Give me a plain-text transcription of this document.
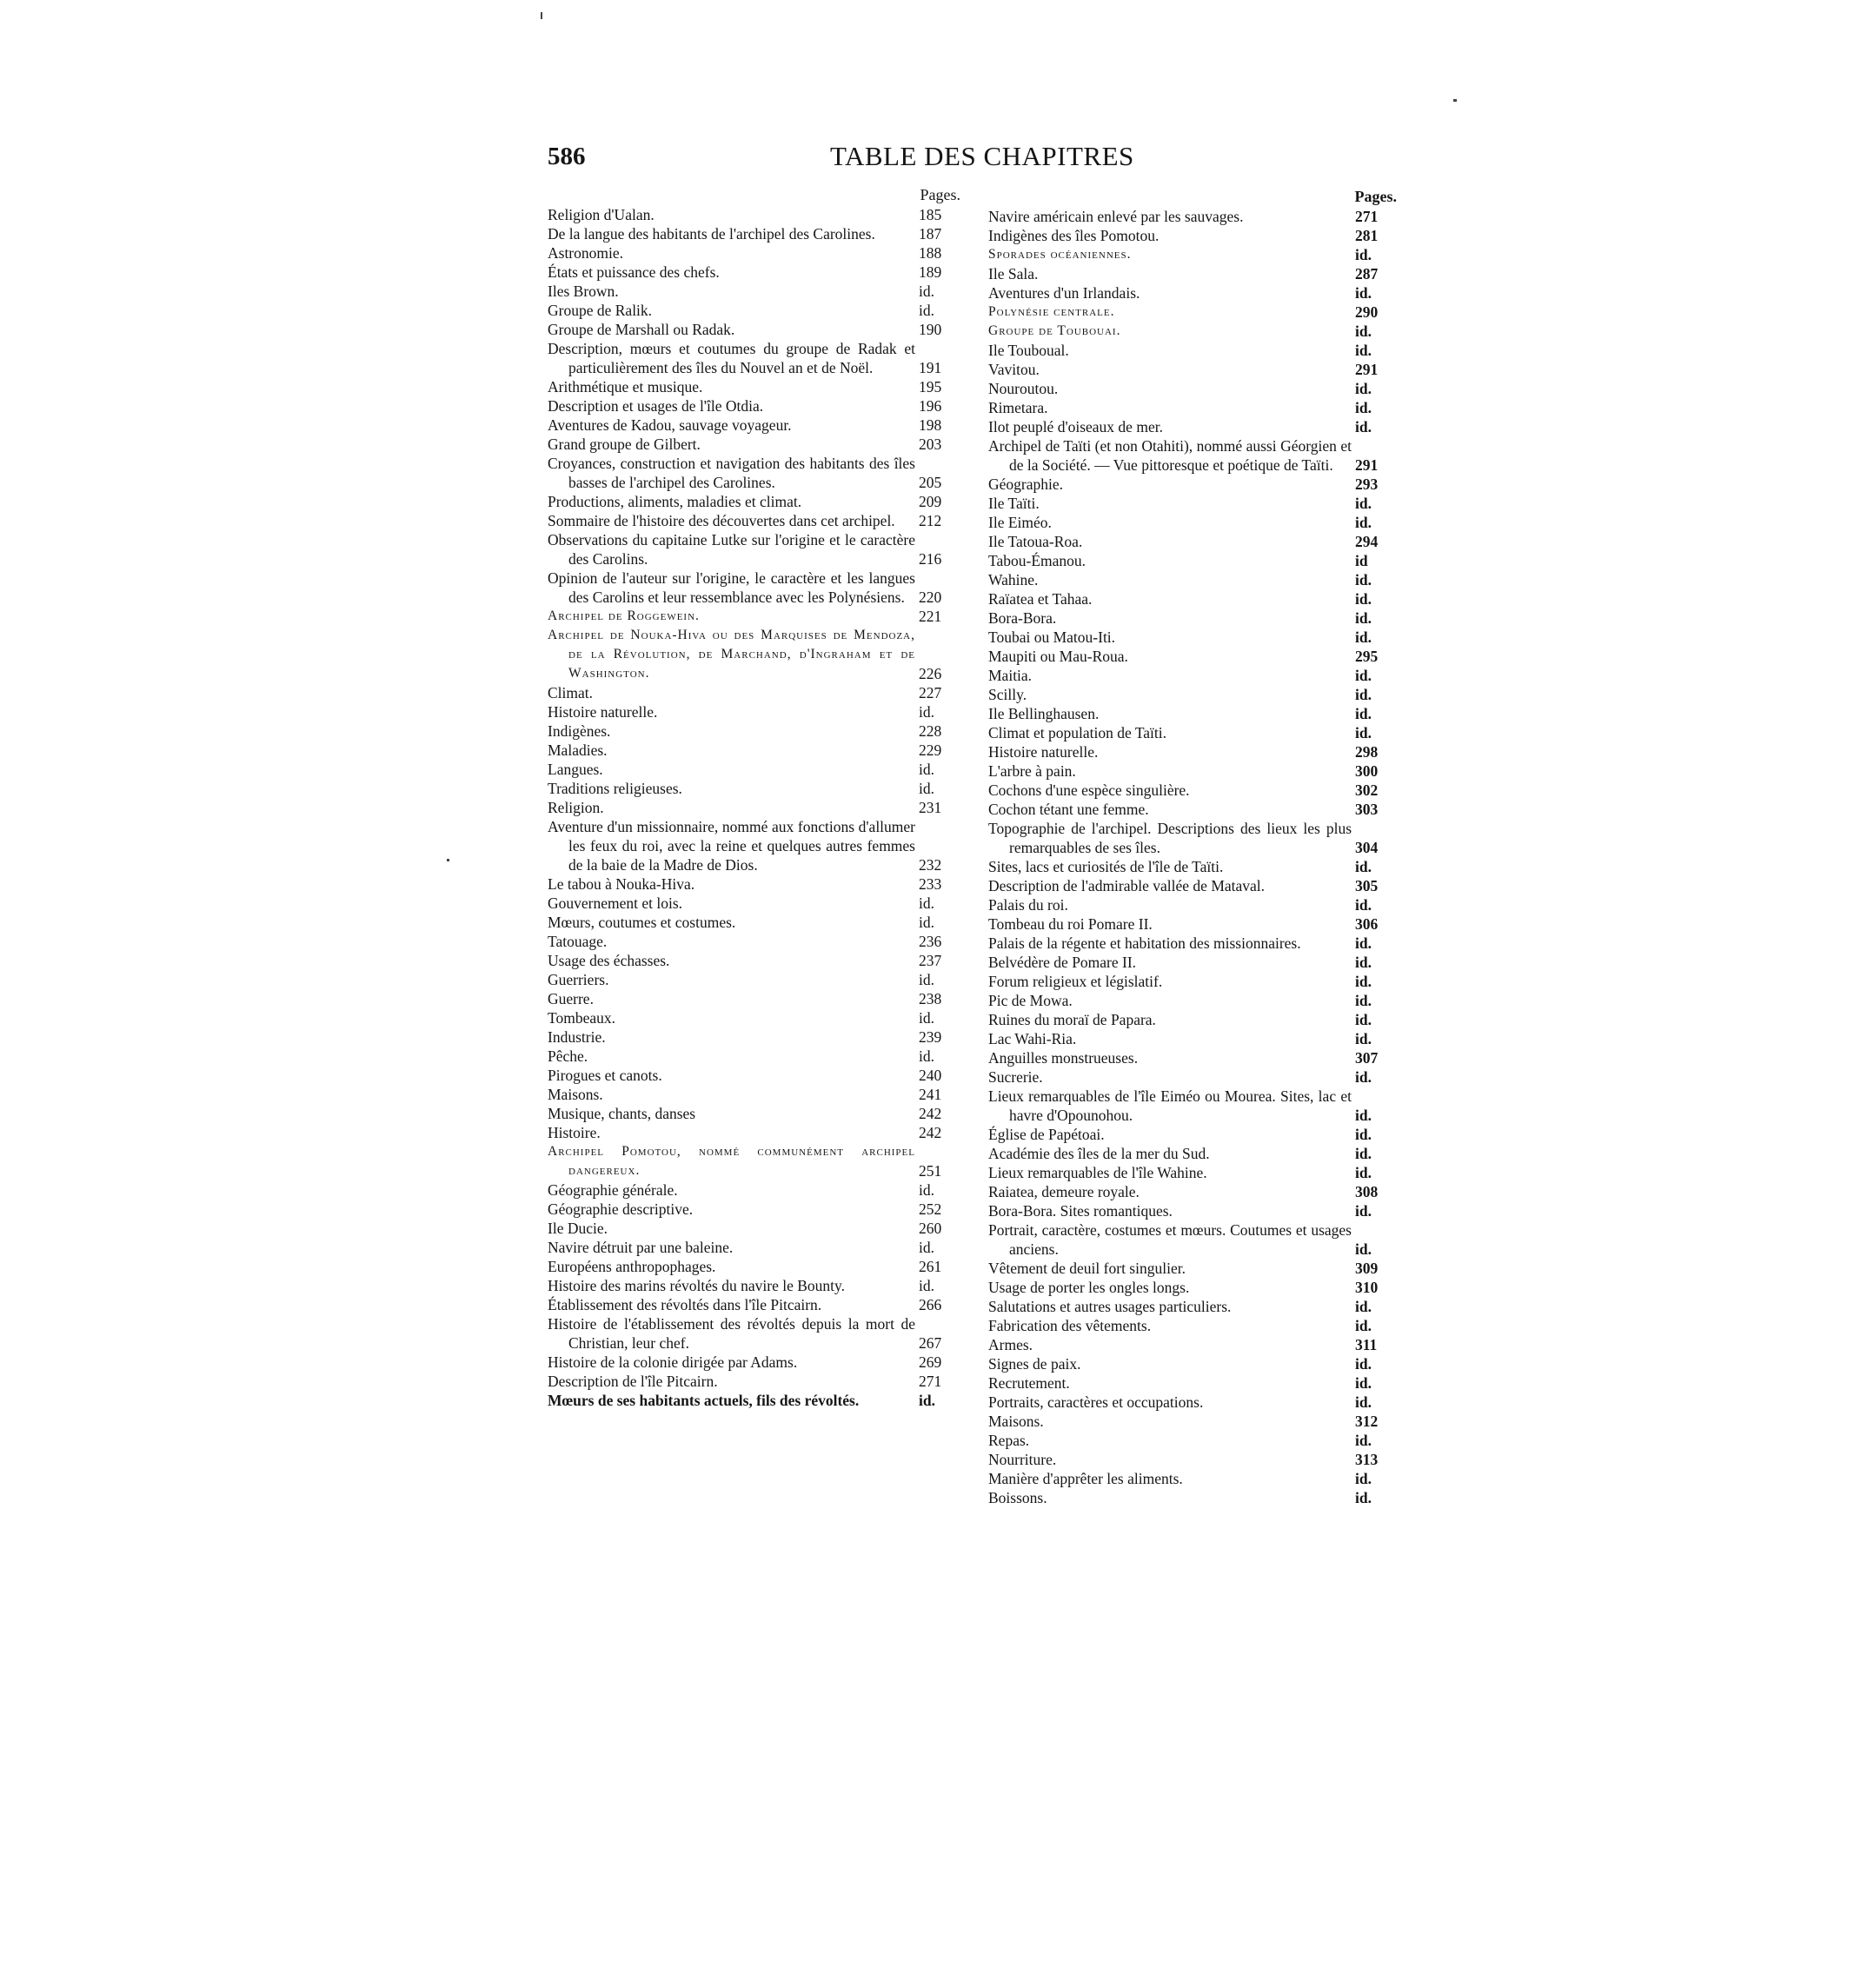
586	TABLE DES CHAPITRES
Pages.
Religion d'Ualan.	185
De la langue des habitants de l'archipel des Carolines.	187
Astronomie.	188
États et puissance des chefs.	189
Iles Brown.	id.
Groupe de Ralik.	id.
Groupe de Marshall ou Radak.	190
Description, mœurs et coutumes du groupe de Radak et particulièrement des îles du Nouvel an et de Noël.	191
Arithmétique et musique.	195
Description et usages de l'île Otdia.	196
Aventures de Kadou, sauvage voyageur.	198
Grand groupe de Gilbert.	203
Croyances, construction et navigation des habitants des îles basses de l'archipel des Carolines.	205
Productions, aliments, maladies et climat.	209
Sommaire de l'histoire des découvertes dans cet archipel.	212
Observations du capitaine Lutke sur l'origine et le caractère des Carolins.	216
Opinion de l'auteur sur l'origine, le caractère et les langues des Carolins et leur ressemblance avec les Polynésiens. 220
Archipel de Roggewein.	221
Archipel de Nouka-Hiva ou des Marquises de Mendoza, de la Révolution, de Marchand, d'Ingraham et de Washington.	226
Climat.	227
Histoire naturelle.	id.
Indigènes.	228
Maladies.	229
Langues.	id.
Traditions religieuses.	id.
Religion.	231
Aventure d'un missionnaire, nommé aux fonctions d'allumer les feux du roi, avec la reine et quelques autres femmes de la baie de la Madre de Dios.	232
Le tabou à Nouka-Hiva.	233
Gouvernement et lois.	id.
Mœurs, coutumes et costumes.	id.
Tatouage.	236
Usage des échasses.	237
Guerriers.	id.
Guerre.	238
Tombeaux.	id.
Industrie.	239
Pêche.	id.
Pirogues et canots.	240
Maisons.	241
Musique, chants, danses	242
Histoire.	242
Archipel Pomotou, nommé communément archipel dangereux.	251
Géographie générale.	id.
Géographie descriptive.	252
Ile Ducie.	260
Navire détruit par une baleine.	id.
Européens anthropophages.	261
Histoire des marins révoltés du navire le Bounty.	id.
Établissement des révoltés dans l'île Pitcairn.	266
Histoire de l'établissement des révoltés depuis la mort de Christian, leur chef.	267
Histoire de la colonie dirigée par Adams.	269
Description de l'île Pitcairn.	271
Mœurs de ses habitants actuels, fils des révoltés.	id.
Pages.
Navire américain enlevé par les sauvages.	271
Indigènes des îles Pomotou.	281
Sporades océaniennes.	id.
Ile Sala.	287
Aventures d'un Irlandais.	id.
Polynésie centrale.	290
Groupe de Toubouai.	id.
Ile Touboual.	id.
Vavitou.	291
Nouroutou.	id.
Rimetara.	id.
Ilot peuplé d'oiseaux de mer.	id.
Archipel de Taïti (et non Otahiti), nommé aussi Géorgien et de la Société. — Vue pittoresque et poétique de Taïti.	291
Géographie.	293
Ile Taïti.	id.
Ile Eiméo.	id.
Ile Tatoua-Roa.	294
Tabou-Émanou.	id
Wahine.	id.
Raïatea et Tahaa.	id.
Bora-Bora.	id.
Toubai ou Matou-Iti.	id.
Maupiti ou Mau-Roua.	295
Maitia.	id.
Scilly.	id.
Ile Bellinghausen.	id.
Climat et population de Taïti.	id.
Histoire naturelle.	298
L'arbre à pain.	300
Cochons d'une espèce singulière.	302
Cochon tétant une femme.	303
Topographie de l'archipel. Descriptions des lieux les plus remarquables de ses îles.	304
Sites, lacs et curiosités de l'île de Taïti.	id.
Description de l'admirable vallée de Mataval.	305
Palais du roi.	id.
Tombeau du roi Pomare II.	306
Palais de la régente et habitation des missionnaires.	id.
Belvédère de Pomare II.	id.
Forum religieux et législatif.	id.
Pic de Mowa.	id.
Ruines du moraï de Papara.	id.
Lac Wahi-Ria.	id.
Anguilles monstrueuses.	307
Sucrerie.	id.
Lieux remarquables de l'île Eiméo ou Mourea. Sites, lac et havre d'Opounohou.	id.
Église de Papétoai.	id.
Académie des îles de la mer du Sud.	id.
Lieux remarquables de l'île Wahine.	id.
Raiatea, demeure royale.	308
Bora-Bora. Sites romantiques.	id.
Portrait, caractère, costumes et mœurs. Coutumes et usages anciens.	id.
Vêtement de deuil fort singulier.	309
Usage de porter les ongles longs.	310
Salutations et autres usages particuliers.	id.
Fabrication des vêtements.	id.
Armes.	311
Signes de paix.	id.
Recrutement.	id.
Portraits, caractères et occupations.	id.
Maisons.	312
Repas.	id.
Nourriture.	313
Manière d'apprêter les aliments.	id.
Boissons.	id.
